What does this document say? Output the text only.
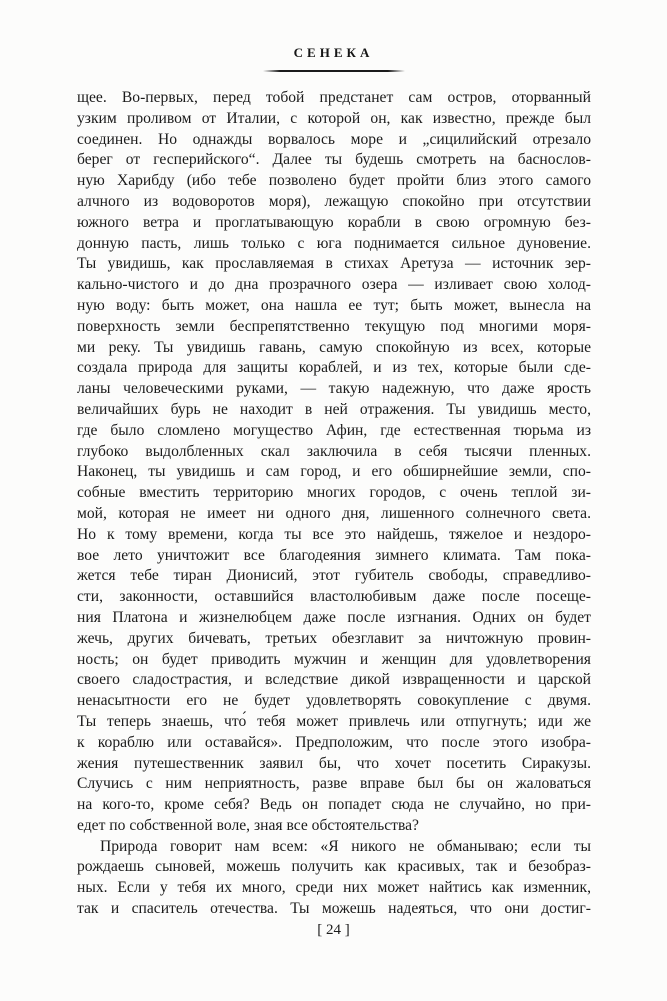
СЕНЕКА
щее. Во-первых, перед тобой предстанет сам остров, оторванный
узким проливом от Италии, с которой он, как известно, прежде был
соединен. Но однажды ворвалось море и „сицилийский отрезало
берег от гесперийского“. Далее ты будешь смотреть на баснослов-
ную Харибду (ибо тебе позволено будет пройти близ этого самого
алчного из водоворотов моря), лежащую спокойно при отсутствии
южного ветра и проглатывающую корабли в свою огромную без-
донную пасть, лишь только с юга поднимается сильное дуновение.
Ты увидишь, как прославляемая в стихах Аретуза — источник зер-
кально-чистого и до дна прозрачного озера — изливает свою холод-
ную воду: быть может, она нашла ее тут; быть может, вынесла на
поверхность земли беспрепятственно текущую под многими моря-
ми реку. Ты увидишь гавань, самую спокойную из всех, которые
создала природа для защиты кораблей, и из тех, которые были сде-
ланы человеческими руками, — такую надежную, что даже ярость
величайших бурь не находит в ней отражения. Ты увидишь место,
где было сломлено могущество Афин, где естественная тюрьма из
глубоко выдолбленных скал заключила в себя тысячи пленных.
Наконец, ты увидишь и сам город, и его обширнейшие земли, спо-
собные вместить территорию многих городов, с очень теплой зи-
мой, которая не имеет ни одного дня, лишенного солнечного света.
Но к тому времени, когда ты все это найдешь, тяжелое и нездоро-
вое лето уничтожит все благодеяния зимнего климата. Там пока-
жется тебе тиран Дионисий, этот губитель свободы, справедливо-
сти, законности, оставшийся властолюбивым даже после посеще-
ния Платона и жизнелюбцем даже после изгнания. Одних он будет
жечь, других бичевать, третьих обезглавит за ничтожную провин-
ность; он будет приводить мужчин и женщин для удовлетворения
своего сладострастия, и вследствие дикой извращенности и царской
ненасытности его не будет удовлетворять совокупление с двумя.
Ты теперь знаешь, что́ тебя может привлечь или отпугнуть; иди же
к кораблю или оставайся». Предположим, что после этого изобра-
жения путешественник заявил бы, что хочет посетить Сиракузы.
Случись с ним неприятность, разве вправе был бы он жаловаться
на кого-то, кроме себя? Ведь он попадет сюда не случайно, но при-
едет по собственной воле, зная все обстоятельства?
Природа говорит нам всем: «Я никого не обманываю; если ты
рождаешь сыновей, можешь получить как красивых, так и безобраз-
ных. Если у тебя их много, среди них может найтись как изменник,
так и спаситель отечества. Ты можешь надеяться, что они достиг-
[ 24 ]
